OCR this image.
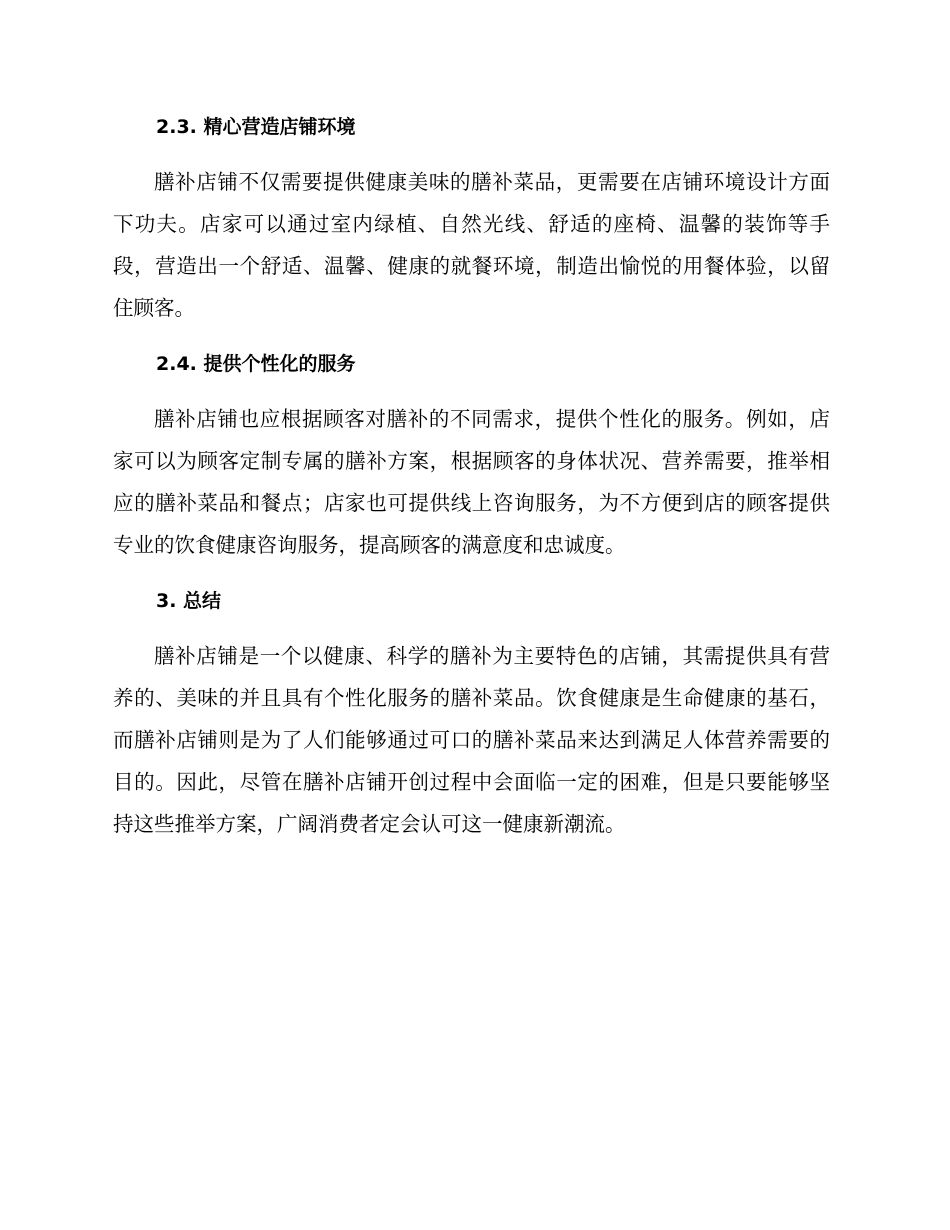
2.3. 精心营造店铺环境

膳补店铺不仅需要提供健康美味的膳补菜品，更需要在店铺环境设计方面下功夫。店家可以通过室内绿植、自然光线、舒适的座椅、温馨的装饰等手段，营造出一个舒适、温馨、健康的就餐环境，制造出愉悦的用餐体验，以留住顾客。

2.4. 提供个性化的服务

膳补店铺也应根据顾客对膳补的不同需求，提供个性化的服务。例如，店家可以为顾客定制专属的膳补方案，根据顾客的身体状况、营养需要，推举相应的膳补菜品和餐点；店家也可提供线上咨询服务，为不方便到店的顾客提供专业的饮食健康咨询服务，提高顾客的满意度和忠诚度。

3. 总结

膳补店铺是一个以健康、科学的膳补为主要特色的店铺，其需提供具有营养的、美味的并且具有个性化服务的膳补菜品。饮食健康是生命健康的基石，而膳补店铺则是为了人们能够通过可口的膳补菜品来达到满足人体营养需要的目的。因此，尽管在膳补店铺开创过程中会面临一定的困难，但是只要能够坚持这些推举方案，广阔消费者定会认可这一健康新潮流。
